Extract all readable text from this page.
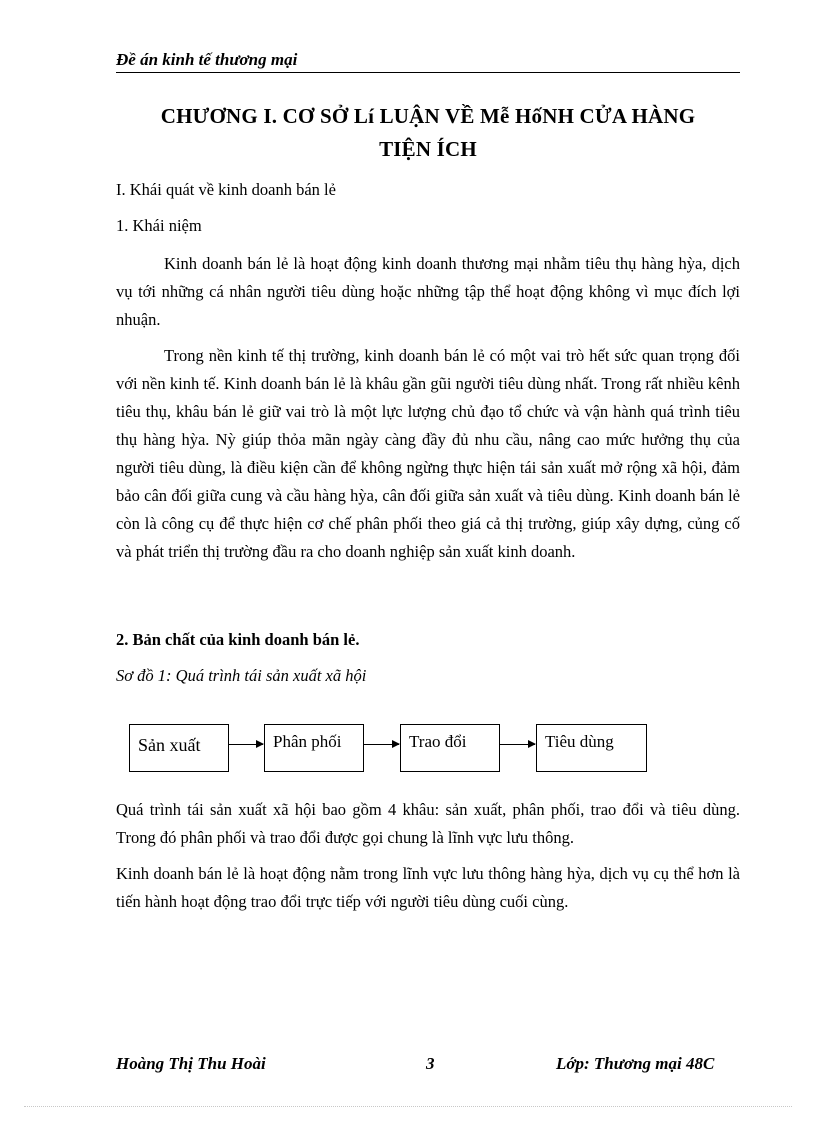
Đề án kinh tế thương mại
CHƯƠNG I. CƠ SỞ Lí LUẬN VỀ Mễ HốNH CỬA HÀNG
TIỆN ÍCH
I. Khái quát về kinh doanh bán lẻ
1. Khái niệm
Kinh doanh bán lẻ là hoạt động kinh doanh thương mại nhằm tiêu thụ hàng hỳa, dịch vụ tới những cá nhân người tiêu dùng hoặc những tập thể hoạt động không vì mục đích lợi nhuận.
Trong nền kinh tế thị trường, kinh doanh bán lẻ có một vai trò hết sức quan trọng đối với nền kinh tế. Kinh doanh bán lẻ là khâu gần gũi người tiêu dùng nhất. Trong rất nhiều kênh tiêu thụ, khâu bán lẻ giữ vai trò là một lực lượng chủ đạo tổ chức và vận hành quá trình tiêu thụ hàng hỳa. Nỳ giúp thỏa mãn ngày càng đầy đủ nhu cầu, nâng cao mức hưởng thụ của người tiêu dùng, là điều kiện cần để không ngừng thực hiện tái sản xuất mở rộng xã hội, đảm bảo cân đối giữa cung và cầu hàng hỳa, cân đối giữa sản xuất và tiêu dùng. Kinh doanh bán lẻ còn là công cụ để thực hiện cơ chế phân phối theo giá cả thị trường, giúp xây dựng, củng cố và phát triển thị trường đầu ra cho doanh nghiệp sản xuất kinh doanh.
2. Bản chất của kinh doanh bán lẻ.
Sơ đồ 1: Quá trình tái sản xuất xã hội
Sản xuất	Phân phối	Trao đổi	Tiêu dùng
Quá trình tái sản xuất xã hội bao gồm 4 khâu: sản xuất, phân phối, trao đổi và tiêu dùng. Trong đó phân phối và trao đổi được gọi chung là lĩnh vực lưu thông.
Kinh doanh bán lẻ là hoạt động nằm trong lĩnh vực lưu thông hàng hỳa, dịch vụ cụ thể hơn là tiến hành hoạt động trao đổi trực tiếp với người tiêu dùng cuối cùng.
Hoàng Thị Thu Hoài	3	Lớp: Thương mại 48C
